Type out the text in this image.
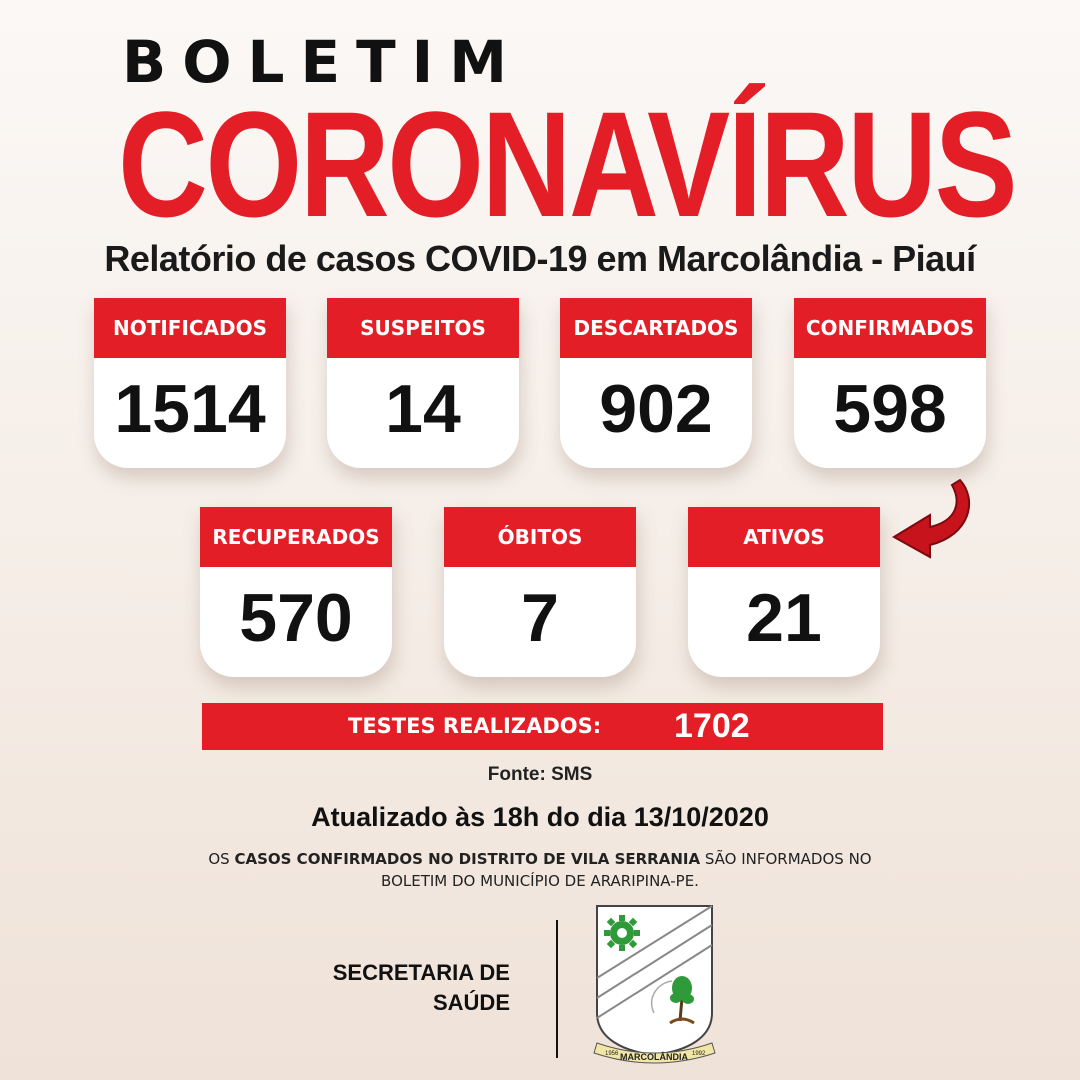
BOLETIM
CORONAVÍRUS
Relatório de casos COVID-19 em Marcolândia - Piauí
NOTIFICADOS
1514
SUSPEITOS
14
DESCARTADOS
902
CONFIRMADOS
598
RECUPERADOS
570
ÓBITOS
7
ATIVOS
21
TESTES REALIZADOS: 1702
Fonte: SMS
Atualizado às 18h do dia 13/10/2020
OS CASOS CONFIRMADOS NO DISTRITO DE VILA SERRANIA SÃO INFORMADOS NO
BOLETIM DO MUNICÍPIO DE ARARIPINA-PE.
SECRETARIA DE
SAÚDE
MARCOLÂNDIA
1956	1992
